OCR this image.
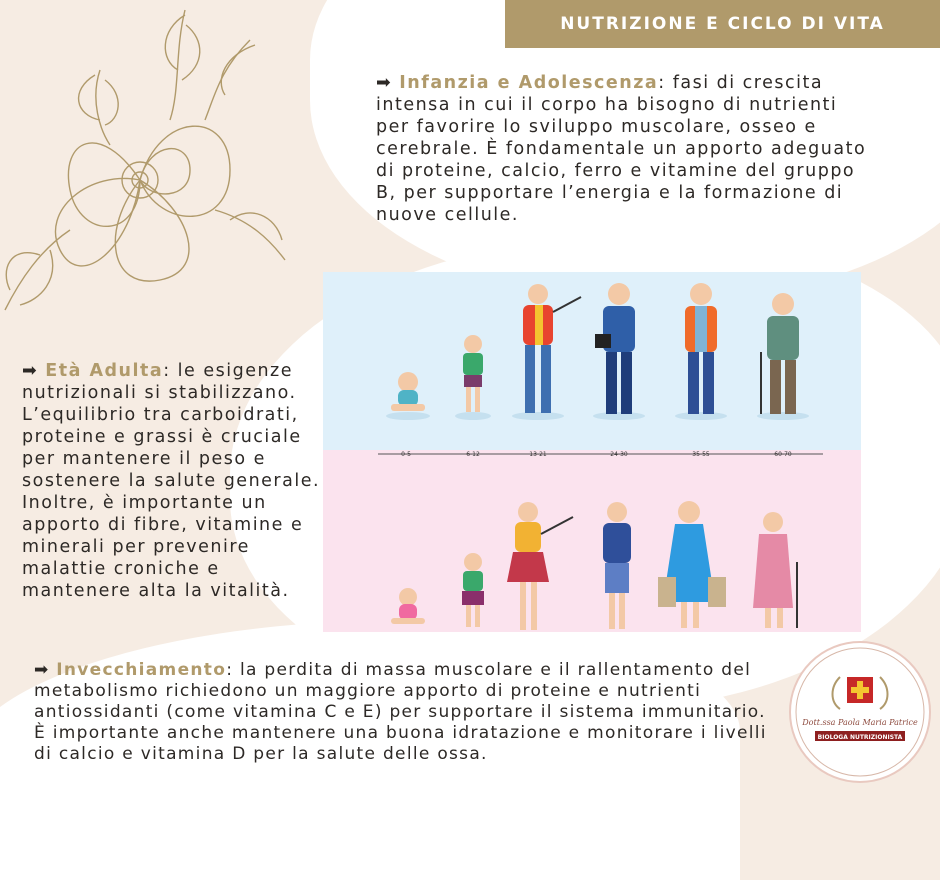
NUTRIZIONE E CICLO DI VITA
➡ Infanzia e Adolescenza: fasi di crescita intensa in cui il corpo ha bisogno di nutrienti per favorire lo sviluppo muscolare, osseo e cerebrale. È fondamentale un apporto adeguato di proteine, calcio, ferro e vitamine del gruppo B, per supportare l’energia e la formazione di nuove cellule.
0-5	6-12	13-21	24-30	35-55	60-70
➡ Età Adulta: le esigenze nutrizionali si stabilizzano. L’equilibrio tra carboidrati, proteine e grassi è cruciale per mantenere il peso e sostenere la salute generale. Inoltre, è importante un apporto di fibre, vitamine e minerali per prevenire malattie croniche e mantenere alta la vitalità.
➡ Invecchiamento: la perdita di massa muscolare e il rallentamento del metabolismo richiedono un maggiore apporto di proteine e nutrienti antiossidanti (come vitamina C e E) per supportare il sistema immunitario. È importante anche mantenere una buona idratazione e monitorare i livelli di calcio e vitamina D per la salute delle ossa.
Dott.ssa Paola Maria Patrice
BIOLOGA NUTRIZIONISTA
